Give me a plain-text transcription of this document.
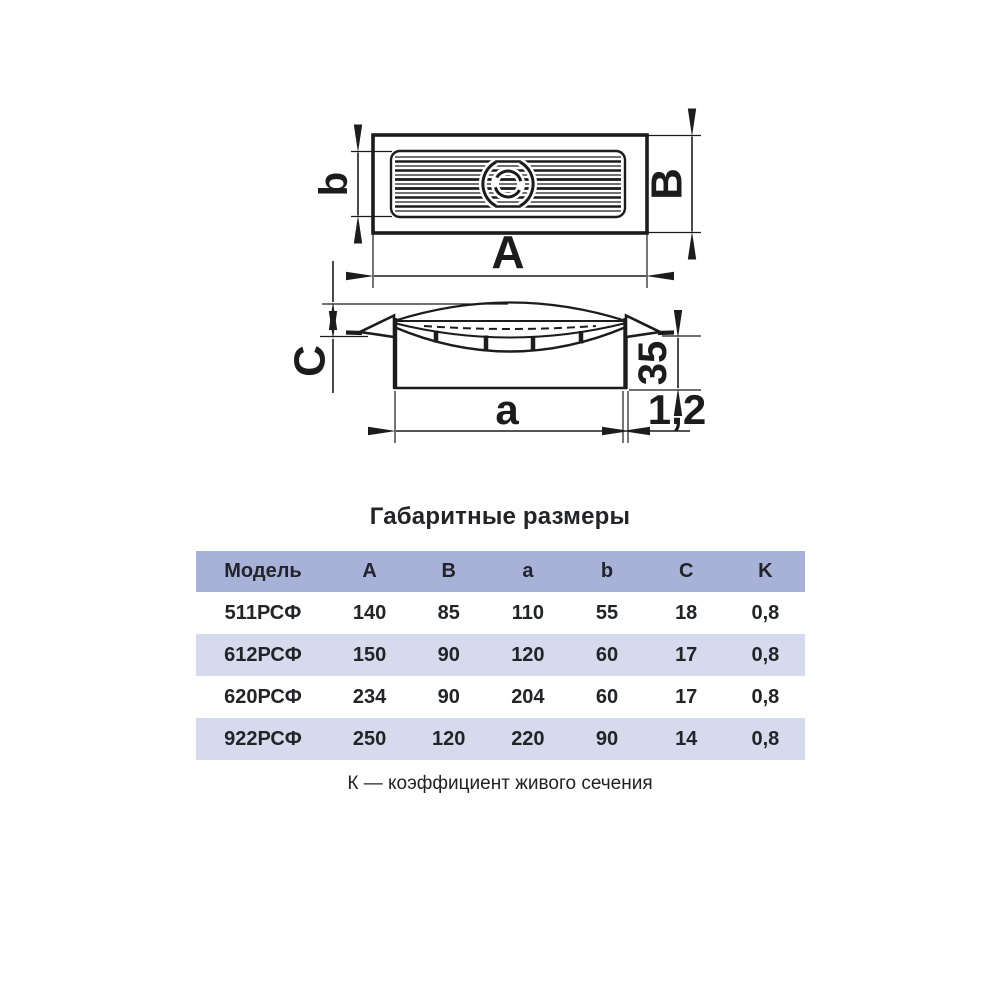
b	B
A
C	35
a	1,2
Габаритные размеры
Модель	A	B	a	b	C	K
511РСФ	140	85	110	55	18	0,8
612РСФ	150	90	120	60	17	0,8
620РСФ	234	90	204	60	17	0,8
922РСФ	250	120	220	90	14	0,8
К — коэффициент живого сечения
